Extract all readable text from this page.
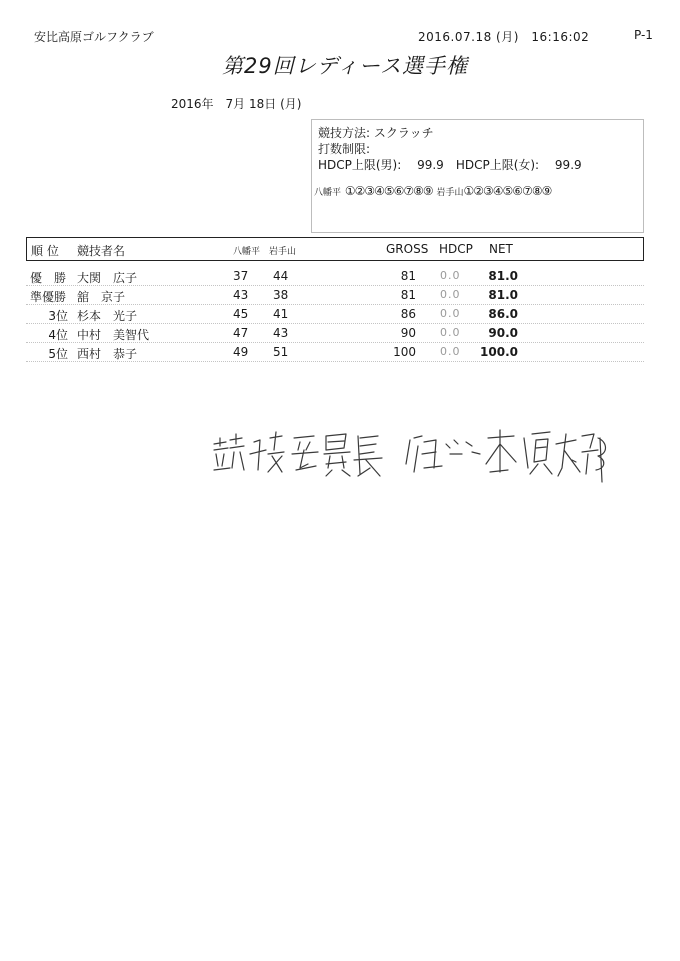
安比高原ゴルフクラブ	2016.07.18 (月)　16:16:02	P-1
第29回レディース選手権
2016年　7月 18日 (月)
競技方法: スクラッチ
打数制限:
HDCP上限(男):　 99.9　HDCP上限(女):　 99.9
八幡平 ①②③④⑤⑥⑦⑧⑨ 岩手山①②③④⑤⑥⑦⑧⑨
順 位 競技者名	八幡平 岩手山	GROSS HDCP NET
優　勝 大関　広子	37 44	81 0.0	81.0
準優勝 舘　京子	43 38	81 0.0	81.0
3位 杉本　光子	45 41	86 0.0	86.0
4位 中村　美智代	47 43	90 0.0	90.0
5位 西村　恭子	49 51	100 0.0 100.0
